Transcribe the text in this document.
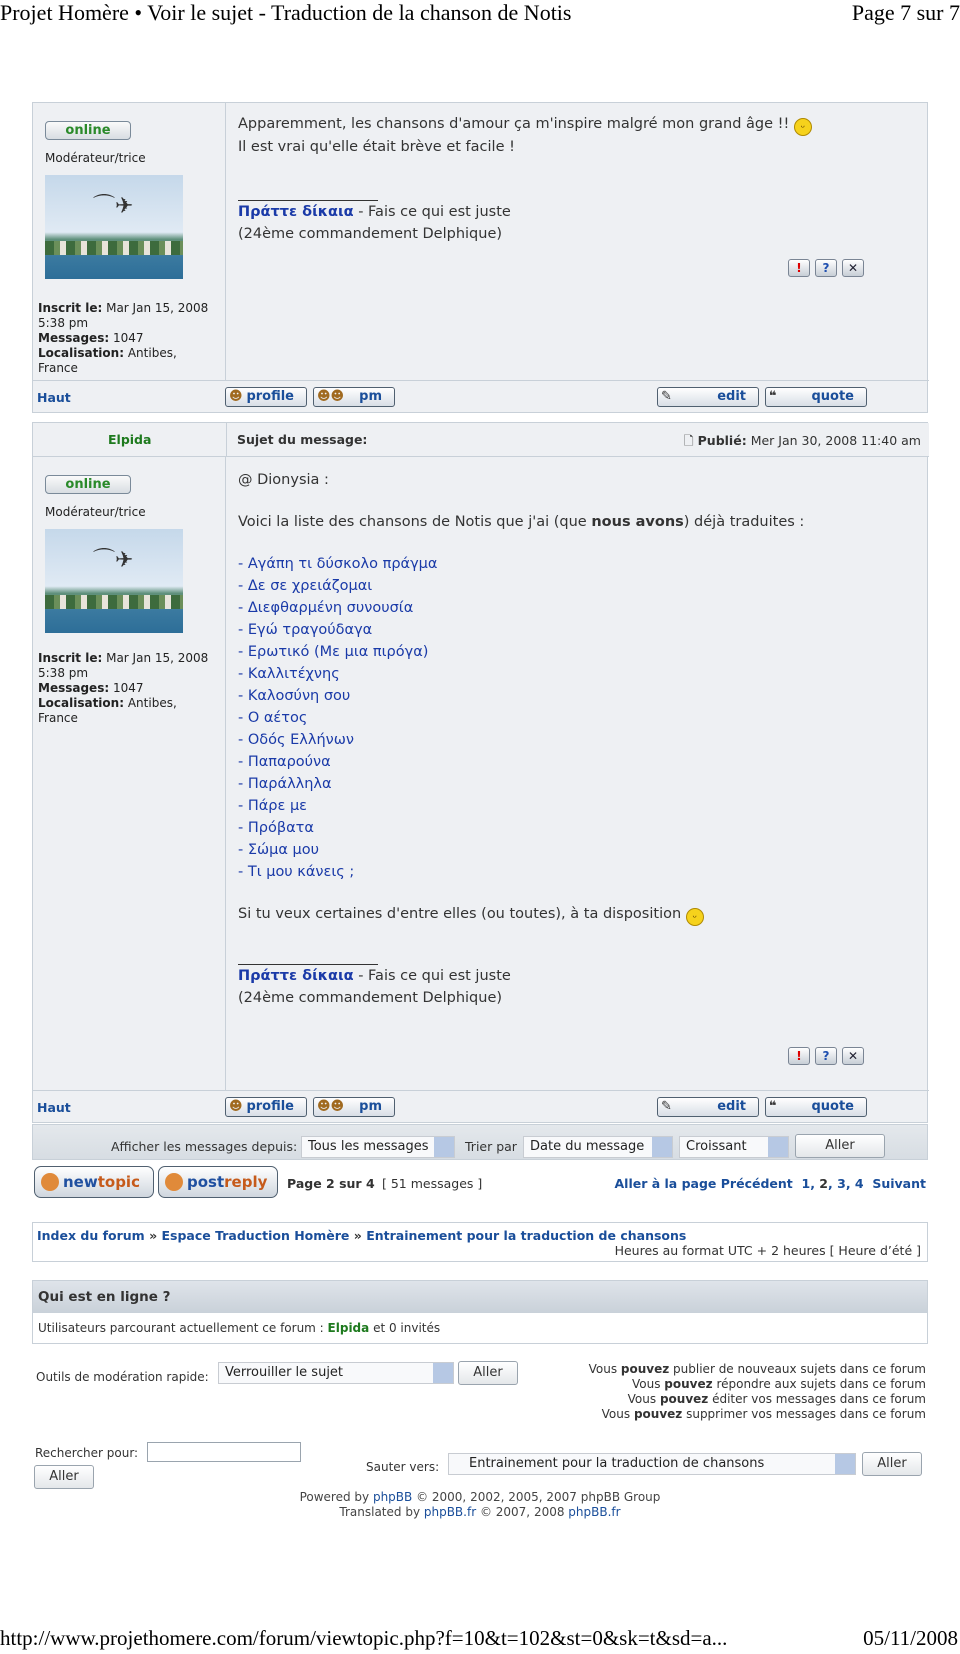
Projet Homère • Voir le sujet - Traduction de la chanson de Notis	Page 7 sur 7
online
Modérateur/trice
⌒✈
Inscrit le: Mar Jan 15, 2008
5:38 pm
Messages: 1047
Localisation: Antibes,
France
Apparemment, les chansons d'amour ça m'inspire malgré mon grand âge !! ᵕ
Il est vrai qu'elle était brève et facile !
Πράττε δίκαια - Fais ce qui est juste
(24ème commandement Delphique)
! ? ✕
Haut	☻ profile	☻☻ pm	✎	edit	❝	quote
Elpida	Sujet du message:	🗋 Publié: Mer Jan 30, 2008 11:40 am
online
Modérateur/trice
⌒✈
Inscrit le: Mar Jan 15, 2008
5:38 pm
Messages: 1047
Localisation: Antibes,
France
@ Dionysia :
Voici la liste des chansons de Notis que j'ai (que nous avons) déjà traduites :
- Αγάπη τι δύσκολο πράγμα
- Δε σε χρειάζομαι
- Διεφθαρμένη συνουσία
- Εγώ τραγούδαγα
- Ερωτικό (Με μια πιρόγα)
- Καλλιτέχνης
- Καλοσύνη σου
- Ο αέτος
- Οδός Ελλήνων
- Παπαρούνα
- Παράλληλα
- Πάρε με
- Πρόβατα
- Σώμα μου
- Τι μου κάνεις ;
Si tu veux certaines d'entre elles (ou toutes), à ta disposition ᵕ
Πράττε δίκαια - Fais ce qui est juste
(24ème commandement Delphique)
! ? ✕
Haut	☻ profile	☻☻ pm	✎	edit	❝	quote
Afficher les messages depuis: Tous les messages	Trier par	Date du message	Croissant	Aller
newtopic	postreply	Page 2 sur 4 [ 51 messages ]	Aller à la page Précédent 1, 2, 3, 4 Suivant
Index du forum » Espace Traduction Homère » Entrainement pour la traduction de chansons
Heures au format UTC + 2 heures [ Heure d’été ]
Qui est en ligne ?
Utilisateurs parcourant actuellement ce forum : Elpida et 0 invités
Outils de modération rapide:	Verrouiller le sujet	Aller	Vous pouvez publier de nouveaux sujets dans ce forum
Vous pouvez répondre aux sujets dans ce forum
Vous pouvez éditer vos messages dans ce forum
Vous pouvez supprimer vos messages dans ce forum
Rechercher pour:
Aller
Sauter vers:	Entrainement pour la traduction de chansons	Aller
Powered by phpBB © 2000, 2002, 2005, 2007 phpBB Group
Translated by phpBB.fr © 2007, 2008 phpBB.fr
http://www.projethomere.com/forum/viewtopic.php?f=10&t=102&st=0&sk=t&sd=a...	05/11/2008
